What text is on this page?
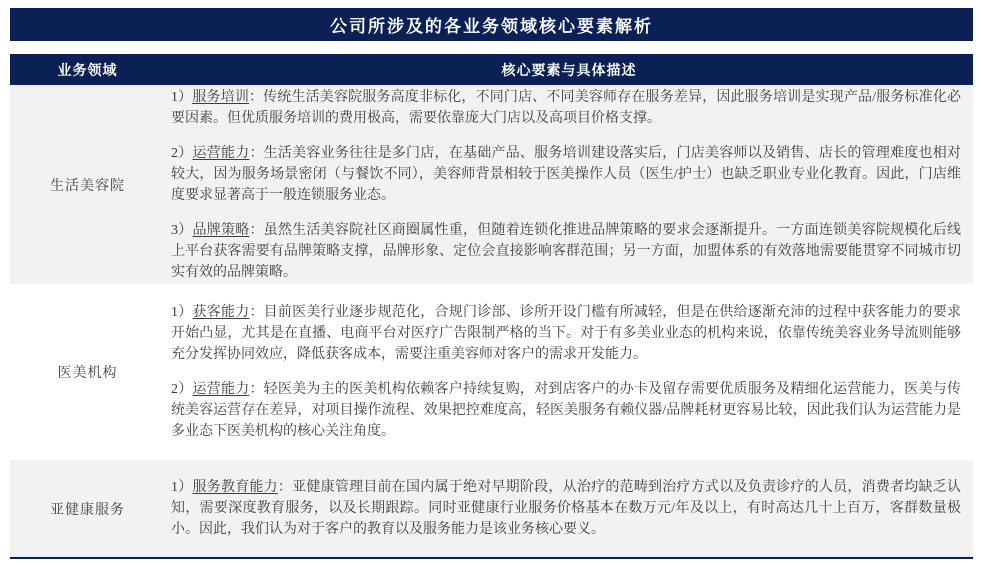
公司所涉及的各业务领域核心要素解析
业务领域	核心要素与具体描述
生活美容院

1）服务培训：传统生活美容院服务高度非标化，不同门店、不同美容师存在服务差异，因此服务培训是实现产品/服务标准化必要因素。但优质服务培训的费用极高，需要依靠庞大门店以及高项目价格支撑。

2）运营能力：生活美容业务往往是多门店，在基础产品、服务培训建设落实后，门店美容师以及销售、店长的管理难度也相对较大，因为服务场景密闭（与餐饮不同），美容师背景相较于医美操作人员（医生/护士）也缺乏职业专业化教育。因此，门店维度要求显著高于一般连锁服务业态。

3）品牌策略：虽然生活美容院社区商圈属性重，但随着连锁化推进品牌策略的要求会逐渐提升。一方面连锁美容院规模化后线上平台获客需要有品牌策略支撑，品牌形象、定位会直接影响客群范围；另一方面，加盟体系的有效落地需要能贯穿不同城市切实有效的品牌策略。

医美机构

1）获客能力：目前医美行业逐步规范化，合规门诊部、诊所开设门槛有所减轻，但是在供给逐渐充沛的过程中获客能力的要求开始凸显，尤其是在直播、电商平台对医疗广告限制严格的当下。对于有多美业业态的机构来说，依靠传统美容业务导流则能够充分发挥协同效应，降低获客成本，需要注重美容师对客户的需求开发能力。

2）运营能力：轻医美为主的医美机构依赖客户持续复购，对到店客户的办卡及留存需要优质服务及精细化运营能力，医美与传统美容运营存在差异，对项目操作流程、效果把控难度高，轻医美服务有赖仪器/品牌耗材更容易比较，因此我们认为运营能力是多业态下医美机构的核心关注角度。

亚健康服务

1）服务教育能力：亚健康管理目前在国内属于绝对早期阶段，从治疗的范畴到治疗方式以及负责诊疗的人员，消费者均缺乏认知，需要深度教育服务，以及长期跟踪。同时亚健康行业服务价格基本在数万元/年及以上，有时高达几十上百万，客群数量极小。因此，我们认为对于客户的教育以及服务能力是该业务核心要义。
